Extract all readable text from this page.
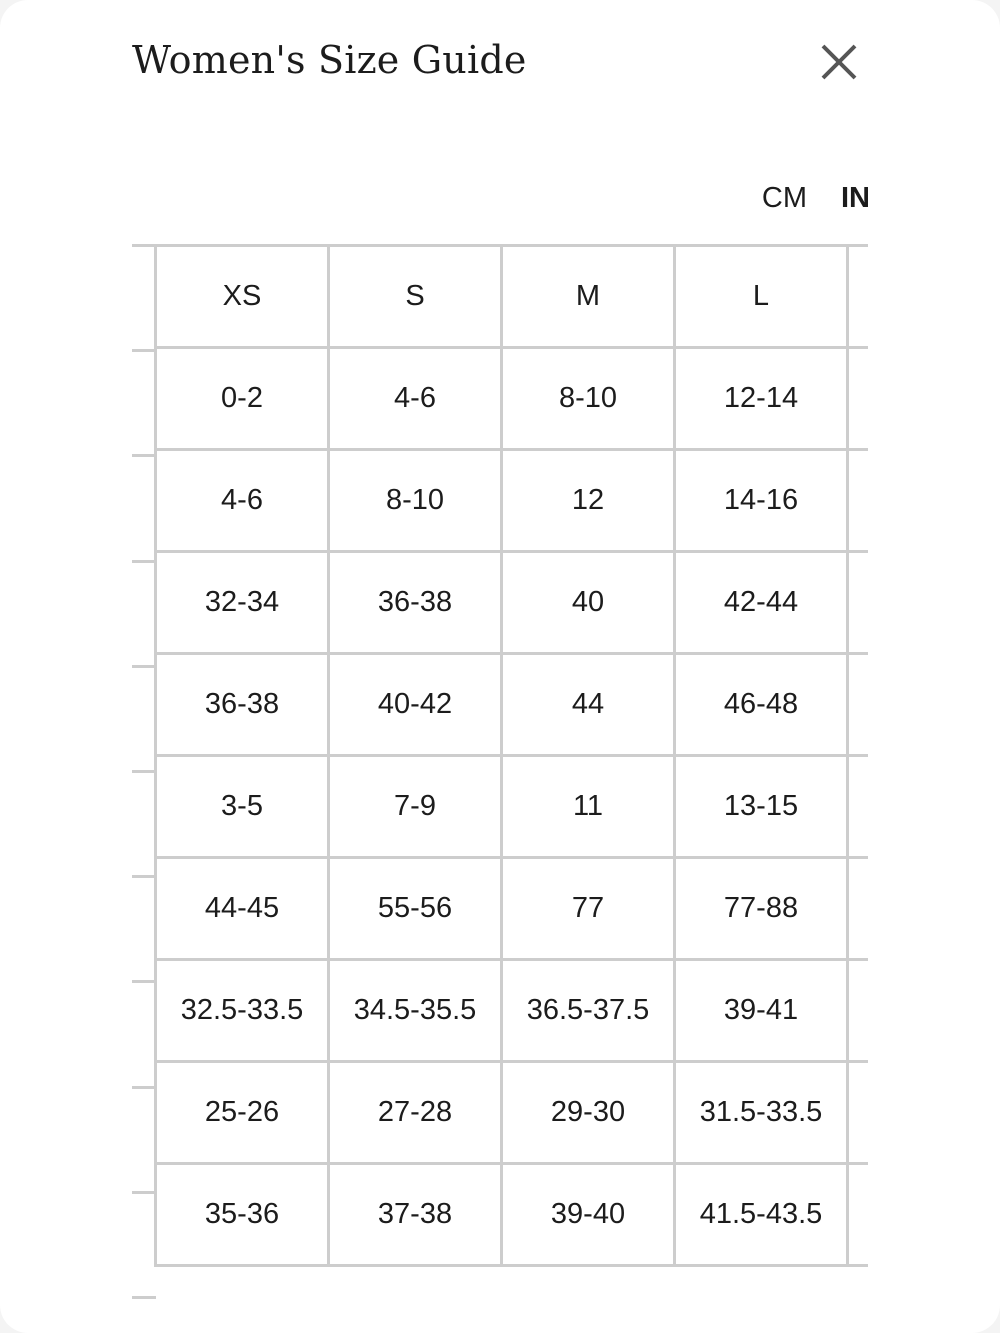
Women's Size Guide
CM IN
XS	S	M	L	
0-2	4-6	8-10	12-14	
4-6	8-10	12	14-16	
32-34	36-38	40	42-44	
36-38	40-42	44	46-48	
3-5	7-9	11	13-15	
44-45	55-56	77	77-88	
32.5-33.5	34.5-35.5	36.5-37.5	39-41	
25-26	27-28	29-30	31.5-33.5	
35-36	37-38	39-40	41.5-43.5	
